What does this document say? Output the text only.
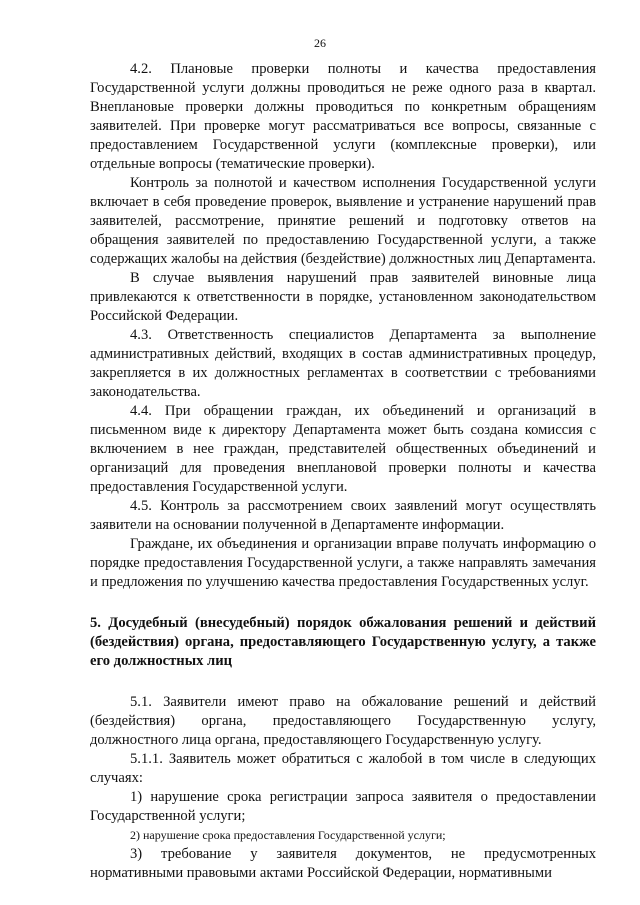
26

4.2. Плановые проверки полноты и качества предоставления Государственной услуги должны проводиться не реже одного раза в квартал. Внеплановые проверки должны проводиться по конкретным обращениям заявителей. При проверке могут рассматриваться все вопросы, связанные с предоставлением Государственной услуги (комплексные проверки), или отдельные вопросы (тематические проверки).

Контроль за полнотой и качеством исполнения Государственной услуги включает в себя проведение проверок, выявление и устранение нарушений прав заявителей, рассмотрение, принятие решений и подготовку ответов на обращения заявителей по предоставлению Государственной услуги, а также содержащих жалобы на действия (бездействие) должностных лиц Департамента.

В случае выявления нарушений прав заявителей виновные лица привлекаются к ответственности в порядке, установленном законодательством Российской Федерации.

4.3. Ответственность специалистов Департамента за выполнение административных действий, входящих в состав административных процедур, закрепляется в их должностных регламентах в соответствии с требованиями законодательства.

4.4. При обращении граждан, их объединений и организаций в письменном виде к директору Департамента может быть создана комиссия с включением в нее граждан, представителей общественных объединений и организаций для проведения внеплановой проверки полноты и качества предоставления Государственной услуги.

4.5. Контроль за рассмотрением своих заявлений могут осуществлять заявители на основании полученной в Департаменте информации.

Граждане, их объединения и организации вправе получать информацию о порядке предоставления Государственной услуги, а также направлять замечания и предложения по улучшению качества предоставления Государственных услуг.

5. Досудебный (внесудебный) порядок обжалования решений и действий (бездействия) органа, предоставляющего Государственную услугу, а также его должностных лиц

5.1. Заявители имеют право на обжалование решений и действий (бездействия) органа, предоставляющего Государственную услугу, должностного лица органа, предоставляющего Государственную услугу.

5.1.1. Заявитель может обратиться с жалобой в том числе в следующих случаях:

1) нарушение срока регистрации запроса заявителя о предоставлении Государственной услуги;

2) нарушение срока предоставления Государственной услуги;

3) требование у заявителя документов, не предусмотренных нормативными правовыми актами Российской Федерации, нормативными
